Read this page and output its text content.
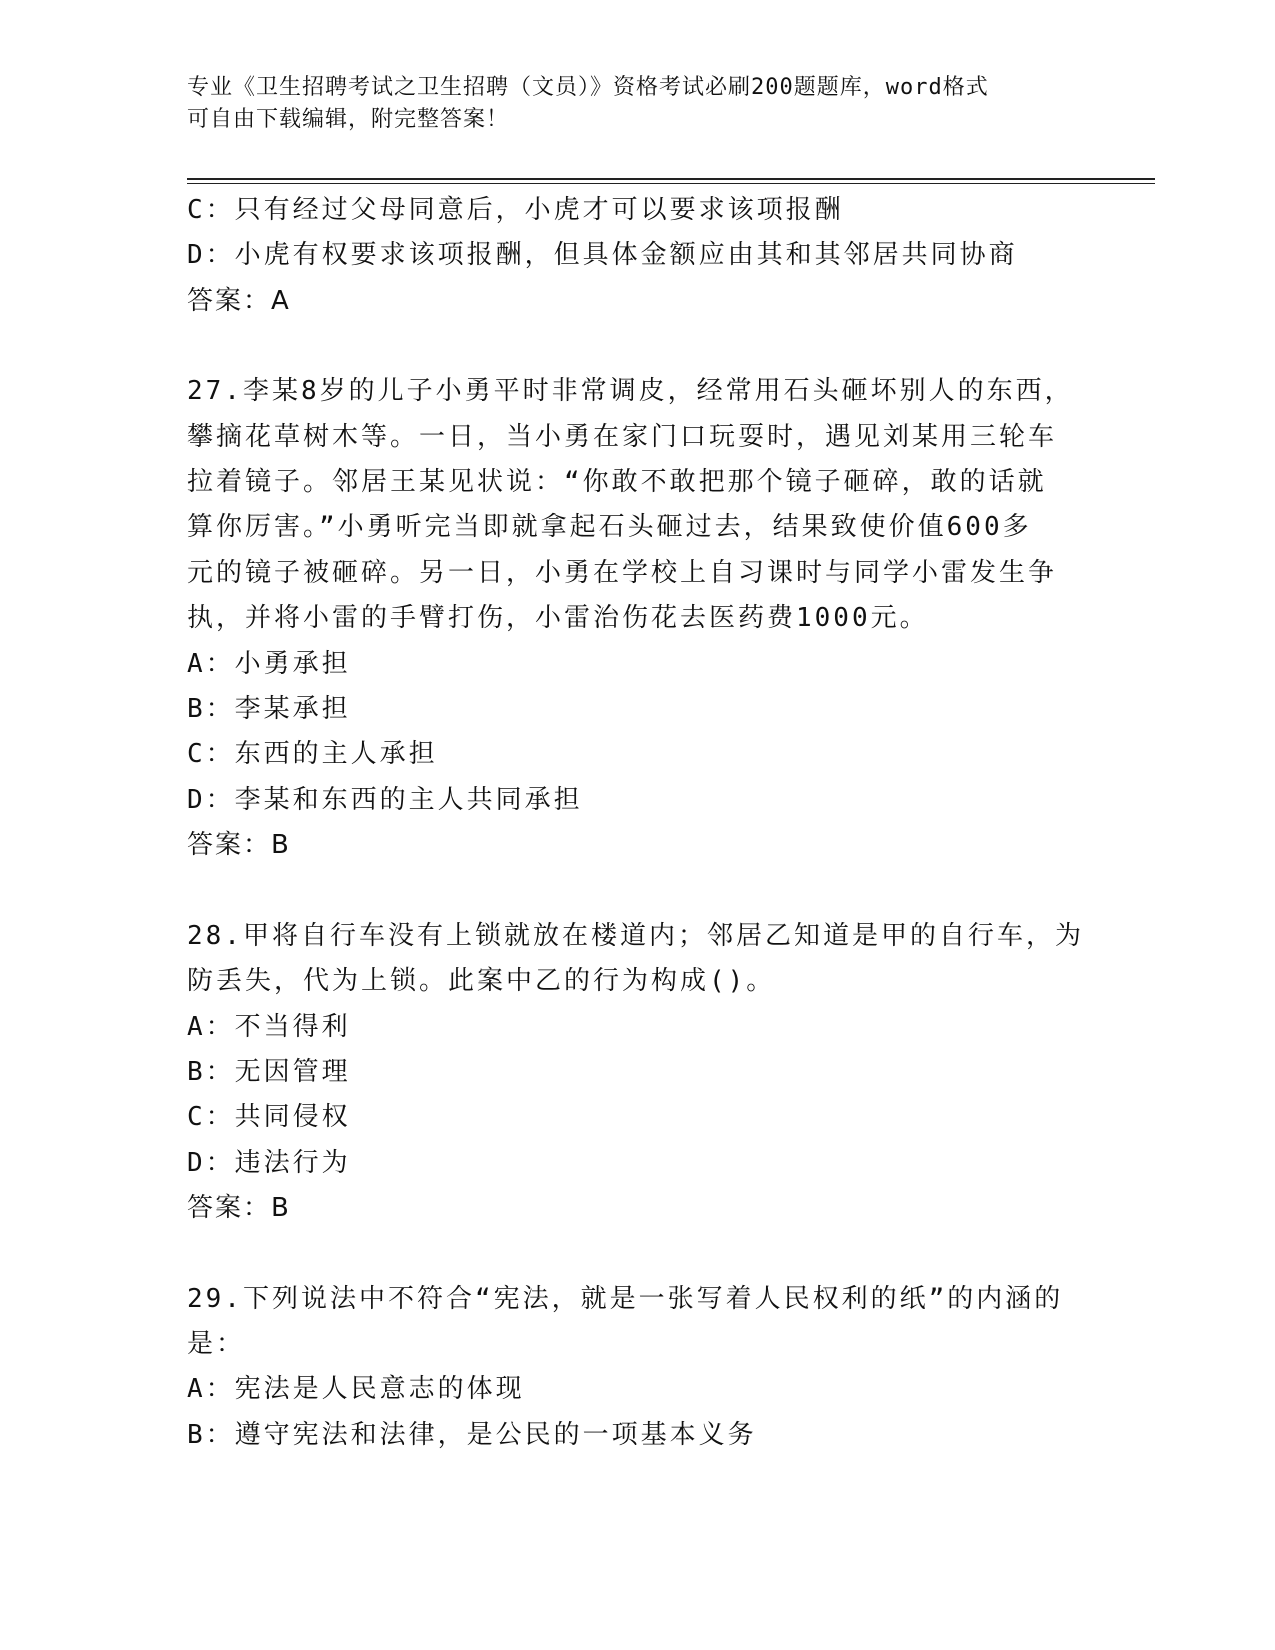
专业《卫生招聘考试之卫生招聘（文员）》资格考试必刷200题题库，word格式
可自由下载编辑，附完整答案！
C：只有经过父母同意后，小虎才可以要求该项报酬
D：小虎有权要求该项报酬，但具体金额应由其和其邻居共同协商
答案：A
27.李某8岁的儿子小勇平时非常调皮，经常用石头砸坏别人的东西，
攀摘花草树木等。一日，当小勇在家门口玩耍时，遇见刘某用三轮车
拉着镜子。邻居王某见状说：“你敢不敢把那个镜子砸碎，敢的话就
算你厉害。”小勇听完当即就拿起石头砸过去，结果致使价值600多
元的镜子被砸碎。另一日，小勇在学校上自习课时与同学小雷发生争
执，并将小雷的手臂打伤，小雷治伤花去医药费1000元。
A：小勇承担
B：李某承担
C：东西的主人承担
D：李某和东西的主人共同承担
答案：B
28.甲将自行车没有上锁就放在楼道内；邻居乙知道是甲的自行车，为
防丢失，代为上锁。此案中乙的行为构成()。
A：不当得利
B：无因管理
C：共同侵权
D：违法行为
答案：B
29.下列说法中不符合“宪法，就是一张写着人民权利的纸”的内涵的
是：
A：宪法是人民意志的体现
B：遵守宪法和法律，是公民的一项基本义务
